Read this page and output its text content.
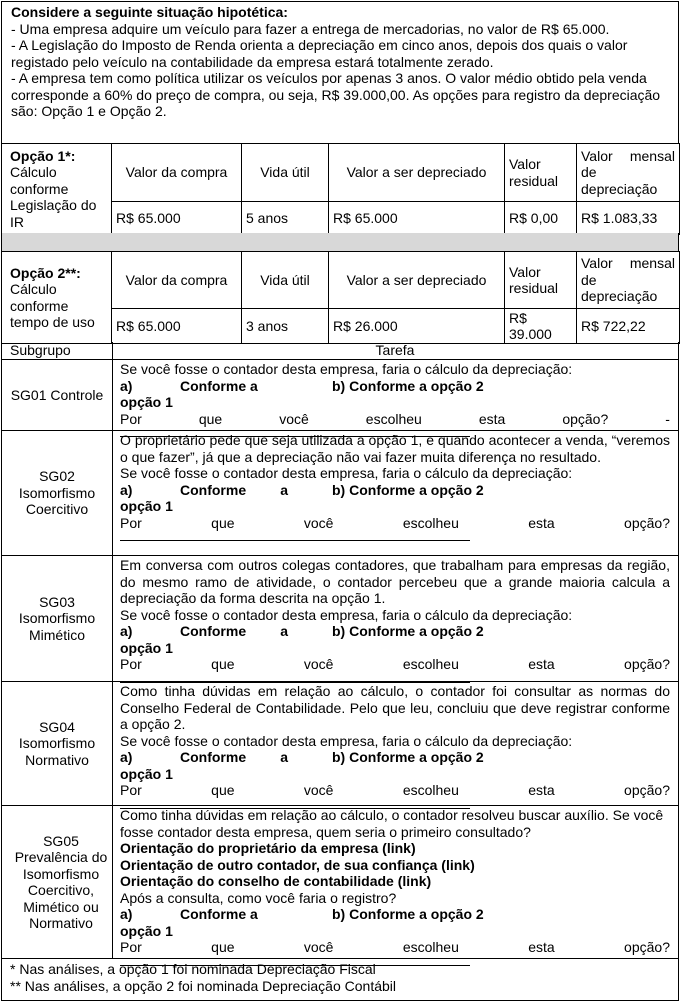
Considere a seguinte situação hipotética:
- Uma empresa adquire um veículo para fazer a entrega de mercadorias, no valor de R$ 65.000.
- A Legislação do Imposto de Renda orienta a depreciação em cinco anos, depois dos quais o valor registado pelo veículo na contabilidade da empresa estará totalmente zerado.
- A empresa tem como política utilizar os veículos por apenas 3 anos. O valor médio obtido pela venda corresponde a 60% do preço de compra, ou seja, R$ 39.000,00. As opções para registro da depreciação são: Opção 1 e Opção 2.
Opção 1*:
Cálculo conforme Legislação do IR	Valor da compra	Vida útil	Valor a ser depreciado	Valor residual	Valor mensal de depreciação
	R$ 65.000	5 anos	R$ 65.000	R$ 0,00	R$ 1.083,33
Opção 2**:
Cálculo conforme tempo de uso	Valor da compra	Vida útil	Valor a ser depreciado	Valor residual	Valor mensal de depreciação
	R$ 65.000	3 anos	R$ 26.000	R$ 39.000	R$ 722,22
Subgrupo	Tarefa
SG01 Controle

Se você fosse o contador desta empresa, faria o cálculo da depreciação:

a)	Conforme a opção 1
b) Conforme a opção 2
Por	que	você	escolheu	esta	opção?	-
SG02 Isomorfismo Coercitivo

O proprietário pede que seja utilizada a opção 1, e quando acontecer a venda, “veremos o que fazer”, já que a depreciação não vai fazer muita diferença no resultado.

Se você fosse o contador desta empresa, faria o cálculo da depreciação:

a)	Conforme a opção 1
b) Conforme a opção 2
Por	que	você	escolheu	esta	opção?
SG03 Isomorfismo Mimético

Em conversa com outros colegas contadores, que trabalham para empresas da região, do mesmo ramo de atividade, o contador percebeu que a grande maioria calcula a depreciação da forma descrita na opção 1.

Se você fosse o contador desta empresa, faria o cálculo da depreciação:

a)	Conforme a opção 1
b) Conforme a opção 2
Por	que	você	escolheu	esta	opção?
SG04 Isomorfismo Normativo

Como tinha dúvidas em relação ao cálculo, o contador foi consultar as normas do Conselho Federal de Contabilidade. Pelo que leu, concluiu que deve registrar conforme a opção 2.

Se você fosse o contador desta empresa, faria o cálculo da depreciação:

a)	Conforme a opção 1
b) Conforme a opção 2
Por	que	você	escolheu	esta	opção?
SG05 Prevalência do Isomorfismo Coercitivo, Mimético ou Normativo

Como tinha dúvidas em relação ao cálculo, o contador resolveu buscar auxílio. Se você fosse contador desta empresa, quem seria o primeiro consultado?

Orientação do proprietário da empresa (link)

Orientação de outro contador, de sua confiança (link)

Orientação do conselho de contabilidade (link)

Após a consulta, como você faria o registro?

a)	Conforme a opção 1
b) Conforme a opção 2
Por	que	você	escolheu	esta	opção?
* Nas análises, a opção 1 foi nominada Depreciação Fiscal
** Nas análises, a opção 2 foi nominada Depreciação Contábil
